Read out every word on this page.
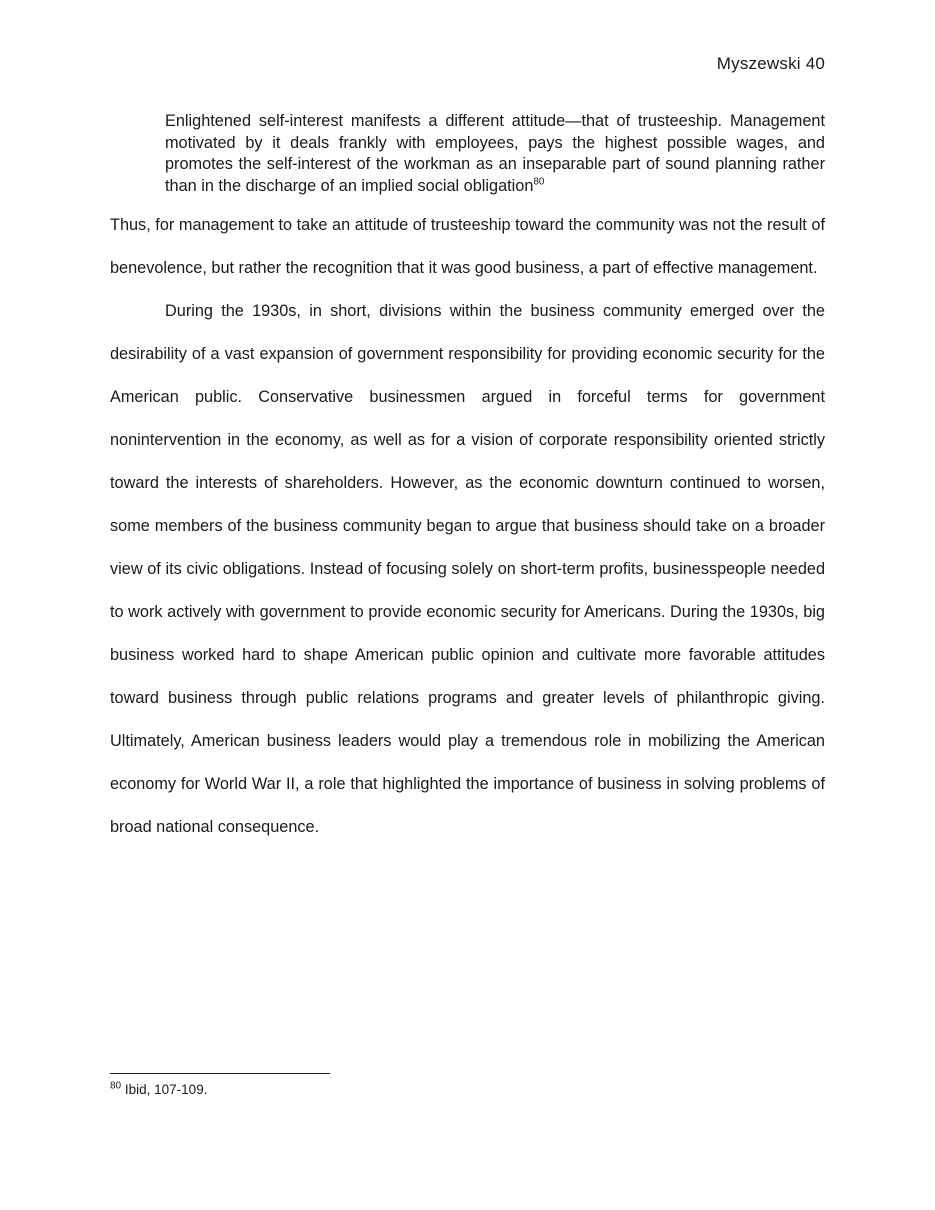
Myszewski 40
Enlightened self-interest manifests a different attitude—that of trusteeship. Management motivated by it deals frankly with employees, pays the highest possible wages, and promotes the self-interest of the workman as an inseparable part of sound planning rather than in the discharge of an implied social obligation$^{80}$

Thus, for management to take an attitude of trusteeship toward the community was not the result of benevolence, but rather the recognition that it was good business, a part of effective management.

During the 1930s, in short, divisions within the business community emerged over the desirability of a vast expansion of government responsibility for providing economic security for the American public. Conservative businessmen argued in forceful terms for government nonintervention in the economy, as well as for a vision of corporate responsibility oriented strictly toward the interests of shareholders. However, as the economic downturn continued to worsen, some members of the business community began to argue that business should take on a broader view of its civic obligations. Instead of focusing solely on short-term profits, businesspeople needed to work actively with government to provide economic security for Americans. During the 1930s, big business worked hard to shape American public opinion and cultivate more favorable attitudes toward business through public relations programs and greater levels of philanthropic giving. Ultimately, American business leaders would play a tremendous role in mobilizing the American economy for World War II, a role that highlighted the importance of business in solving problems of broad national consequence.

$^{80}$ Ibid, 107-109.
